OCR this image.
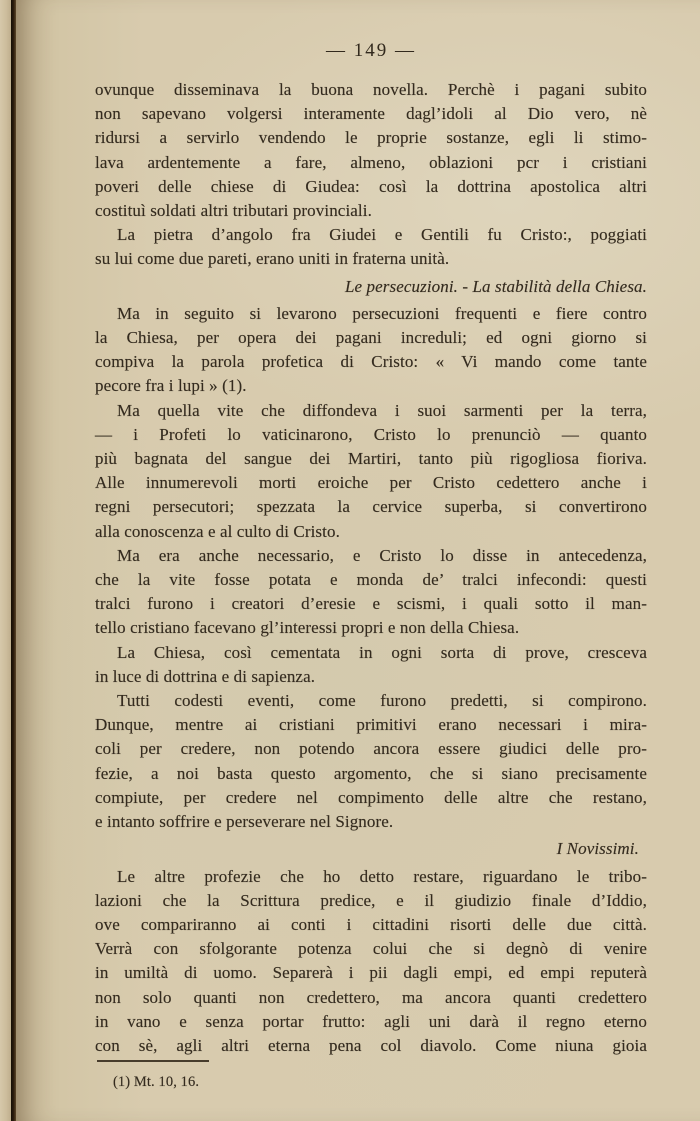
— 149 —
ovunque disseminava la buona novella. Perchè i pagani subito
non sapevano volgersi interamente dagl’idoli al Dio vero, nè
ridursi a servirlo vendendo le proprie sostanze, egli li stimo-
lava ardentemente a fare, almeno, oblazioni pcr i cristiani
poveri delle chiese di Giudea: così la dottrina apostolica altri
costituì soldati altri tributari provinciali.
La pietra d’angolo fra Giudei e Gentili fu Cristo:, poggiati
su lui come due pareti, erano uniti in fraterna unità.
Le persecuzioni. - La stabilità della Chiesa.
Ma in seguito si levarono persecuzioni frequenti e fiere contro
la Chiesa, per opera dei pagani increduli; ed ogni giorno si
compiva la parola profetica di Cristo: « Vi mando come tante
pecore fra i lupi » (1).
Ma quella vite che diffondeva i suoi sarmenti per la terra,
— i Profeti lo vaticinarono, Cristo lo prenunciò — quanto
più bagnata del sangue dei Martiri, tanto più rigogliosa fioriva.
Alle innumerevoli morti eroiche per Cristo cedettero anche i
regni persecutori; spezzata la cervice superba, si convertirono
alla conoscenza e al culto di Cristo.
Ma era anche necessario, e Cristo lo disse in antecedenza,
che la vite fosse potata e monda de’ tralci infecondi: questi
tralci furono i creatori d’eresie e scismi, i quali sotto il man-
tello cristiano facevano gl’interessi propri e non della Chiesa.
La Chiesa, così cementata in ogni sorta di prove, cresceva
in luce di dottrina e di sapienza.
Tutti codesti eventi, come furono predetti, si compirono.
Dunque, mentre ai cristiani primitivi erano necessari i mira-
coli per credere, non potendo ancora essere giudici delle pro-
fezie, a noi basta questo argomento, che si siano precisamente
compiute, per credere nel compimento delle altre che restano,
e intanto soffrire e perseverare nel Signore.
I Novissimi.
Le altre profezie che ho detto restare, riguardano le tribo-
lazioni che la Scrittura predice, e il giudizio finale d’Iddio,
ove compariranno ai conti i cittadini risorti delle due città.
Verrà con sfolgorante potenza colui che si degnò di venire
in umiltà di uomo. Separerà i pii dagli empi, ed empi reputerà
non solo quanti non credettero, ma ancora quanti credettero
in vano e senza portar frutto: agli uni darà il regno eterno
con sè, agli altri eterna pena col diavolo. Come niuna gioia
(1) Mt. 10, 16.
